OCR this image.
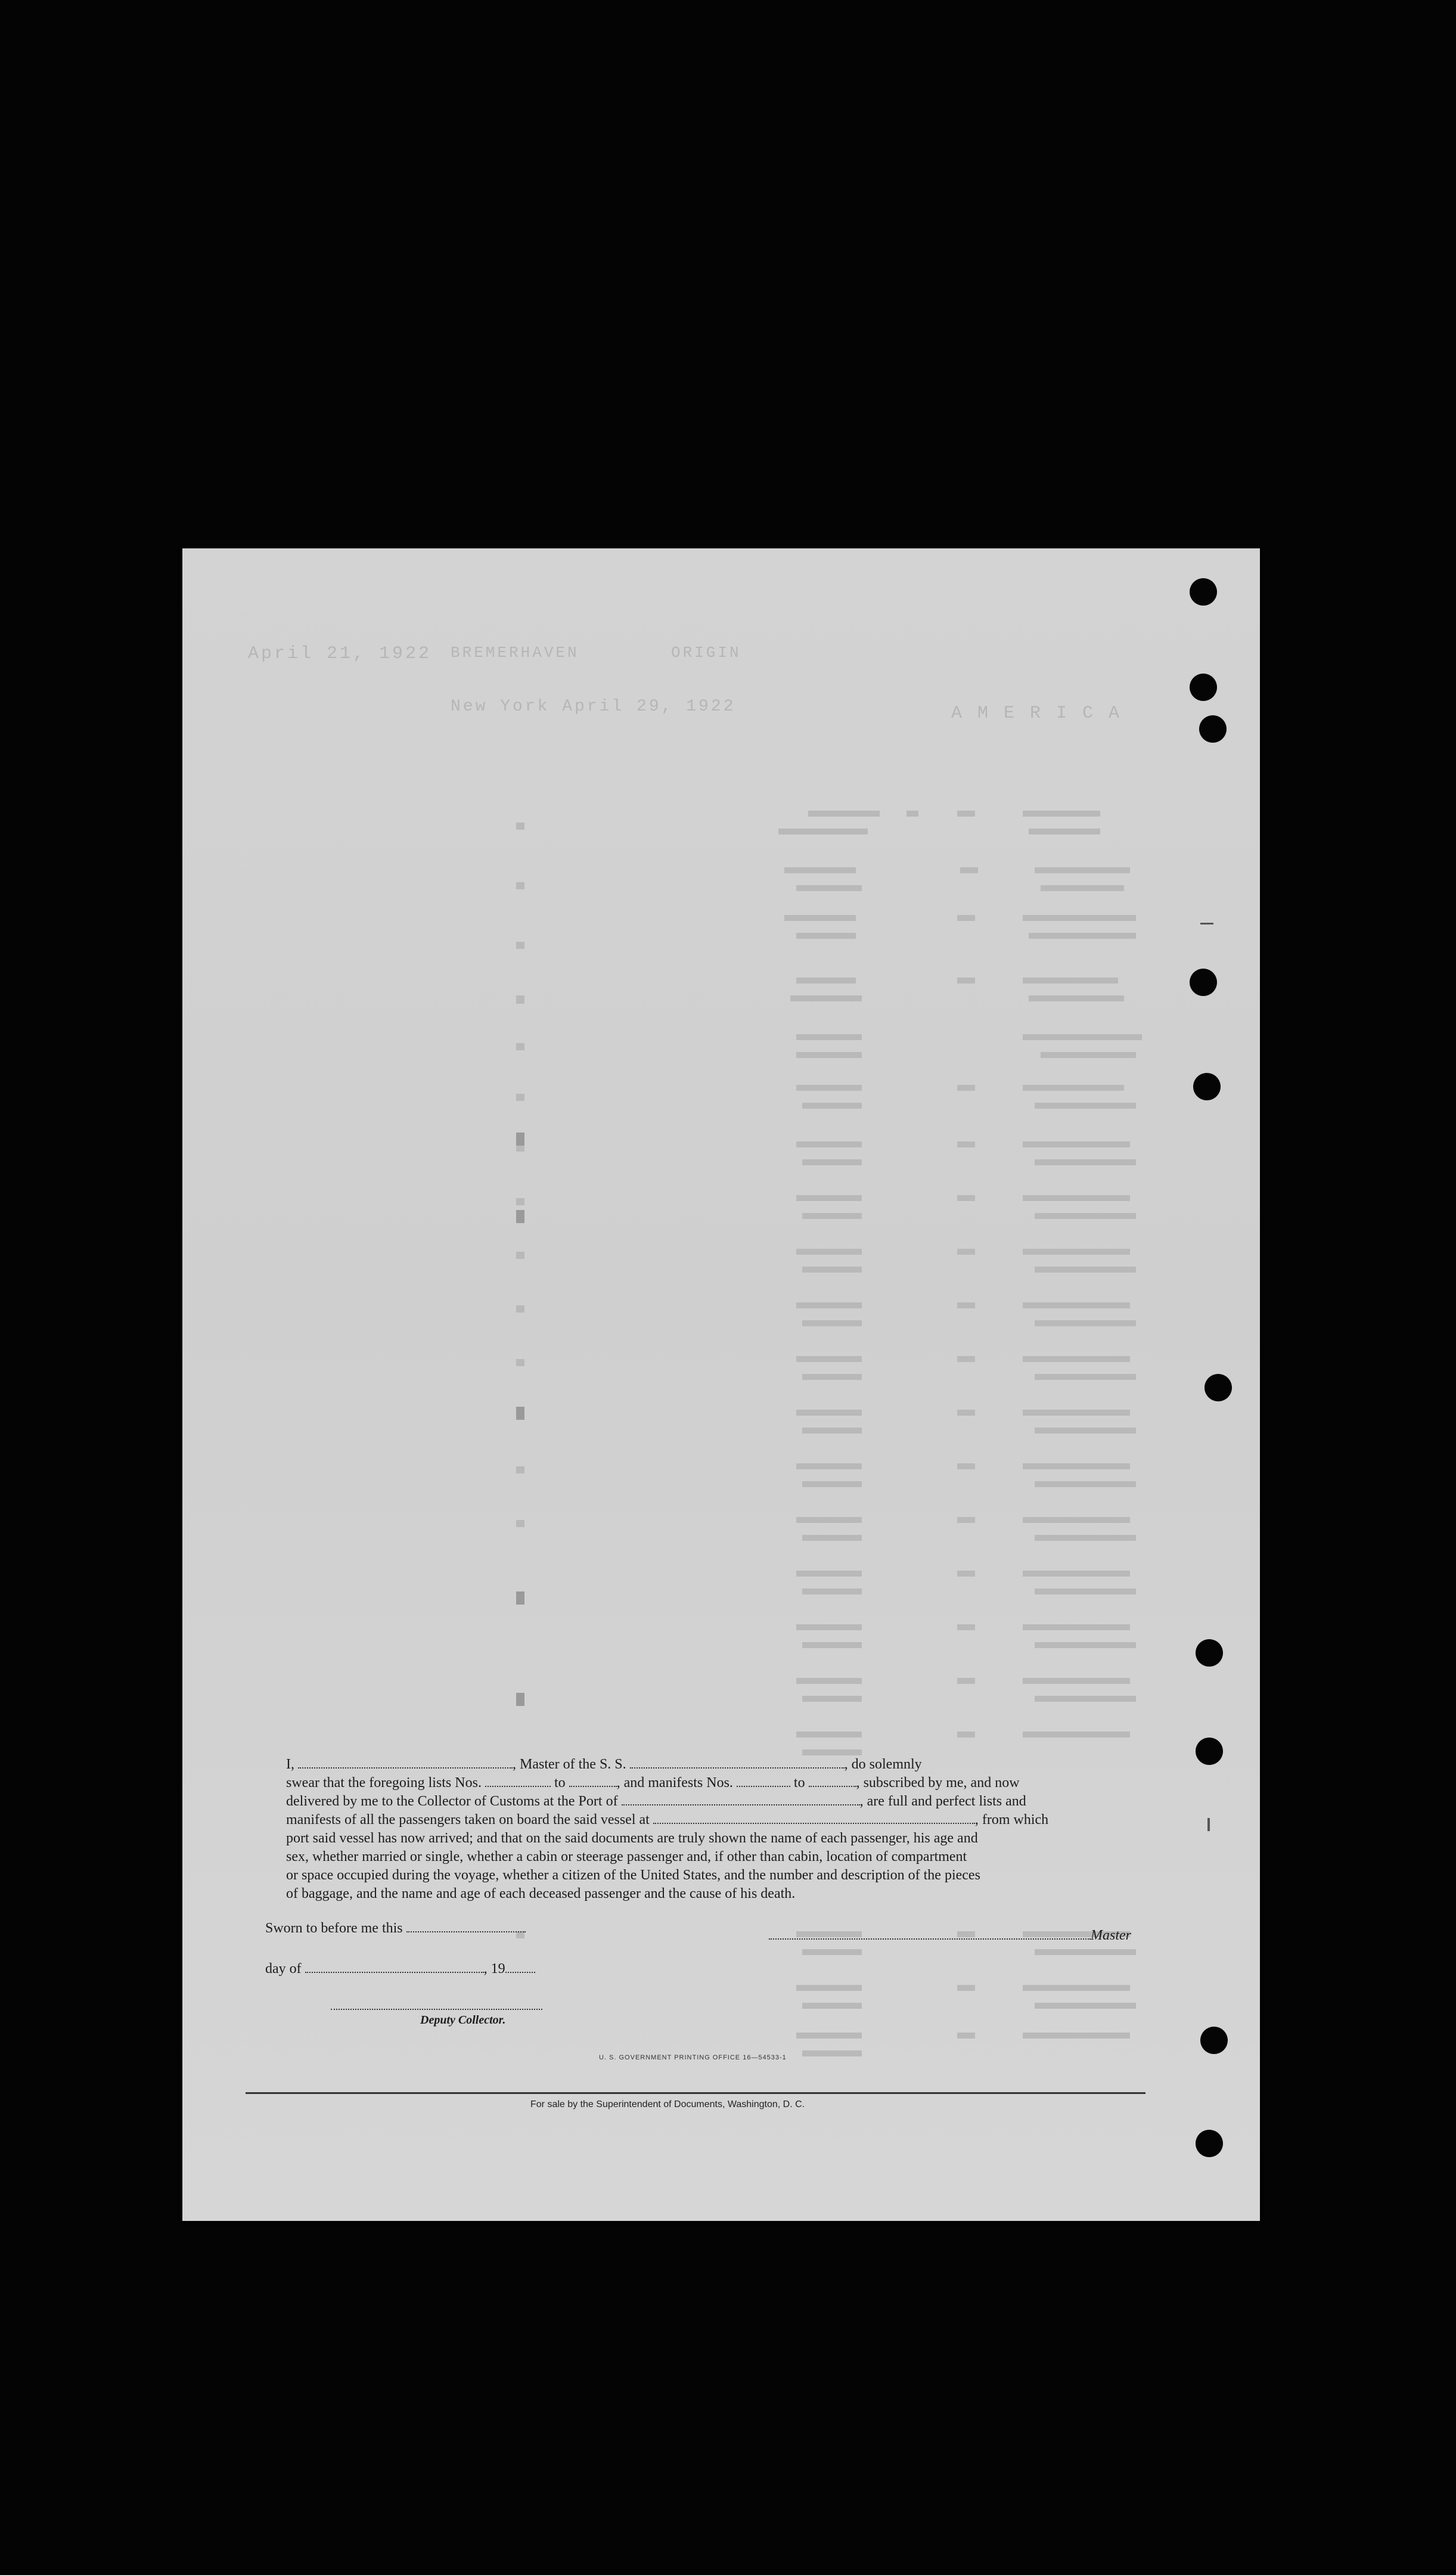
April 21, 1922 BREMERHAVEN	ORIGIN
New York April 29, 1922	A M E R I C A
I,	, Master of the S. S.	, do solemnly
swear that the foregoing lists Nos.	to	, and manifests Nos.	to	, subscribed by me, and now
delivered by me to the Collector of Customs at the Port of	, are full and perfect lists and
manifests of all the passengers taken on board the said vessel at	, from which
port said vessel has now arrived; and that on the said documents are truly shown the name of each passenger, his age and
sex, whether married or single, whether a cabin or steerage passenger and, if other than cabin, location of compartment
or space occupied during the voyage, whether a citizen of the United States, and the number and description of the pieces
of baggage, and the name and age of each deceased passenger and the cause of his death.
Sworn to before me this	Master
day of	, 19
Deputy Collector.
U. S. GOVERNMENT PRINTING OFFICE 16—54533-1
For sale by the Superintendent of Documents, Washington, D. C.
